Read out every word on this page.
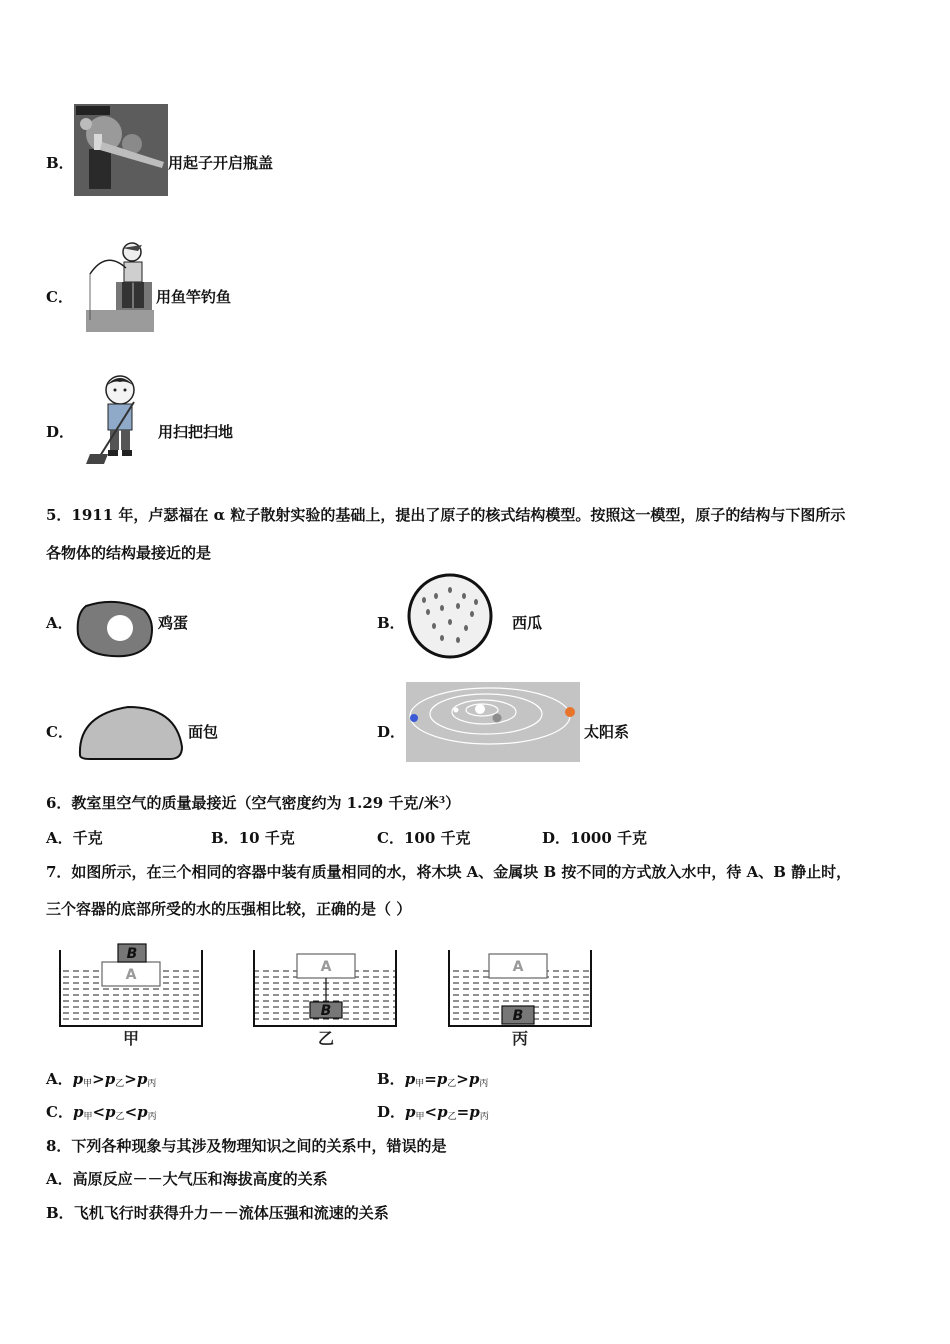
B．	用起子开启瓶盖
C．	用鱼竿钓鱼
D．	用扫把扫地
5．1911 年，卢瑟福在 α 粒子散射实验的基础上，提出了原子的核式结构模型。按照这一模型，原子的结构与下图所示
各物体的结构最接近的是
A．	鸡蛋	B．	西瓜
C．	面包	D．	太阳系
6．教室里空气的质量最接近（空气密度约为 1.29 千克/米$^3$）
A．千克	B．10 千克	C．100 千克	D．1000 千克
7．如图所示，在三个相同的容器中装有质量相同的水，将木块 A、金属块 B 按不同的方式放入水中，待 A、B 静止时，
三个容器的底部所受的水的压强相比较，正确的是（ ）
A
B
甲
A
B
乙
A
B
丙
A．$p_甲>p_乙>p_丙$	B．$p_甲=p_乙>p_丙$
C．$p_甲<p_乙<p_丙$	D．$p_甲<p_乙=p_丙$
8．下列各种现象与其涉及物理知识之间的关系中，错误的是
A．高原反应－－大气压和海拔高度的关系
B．飞机飞行时获得升力－－流体压强和流速的关系
